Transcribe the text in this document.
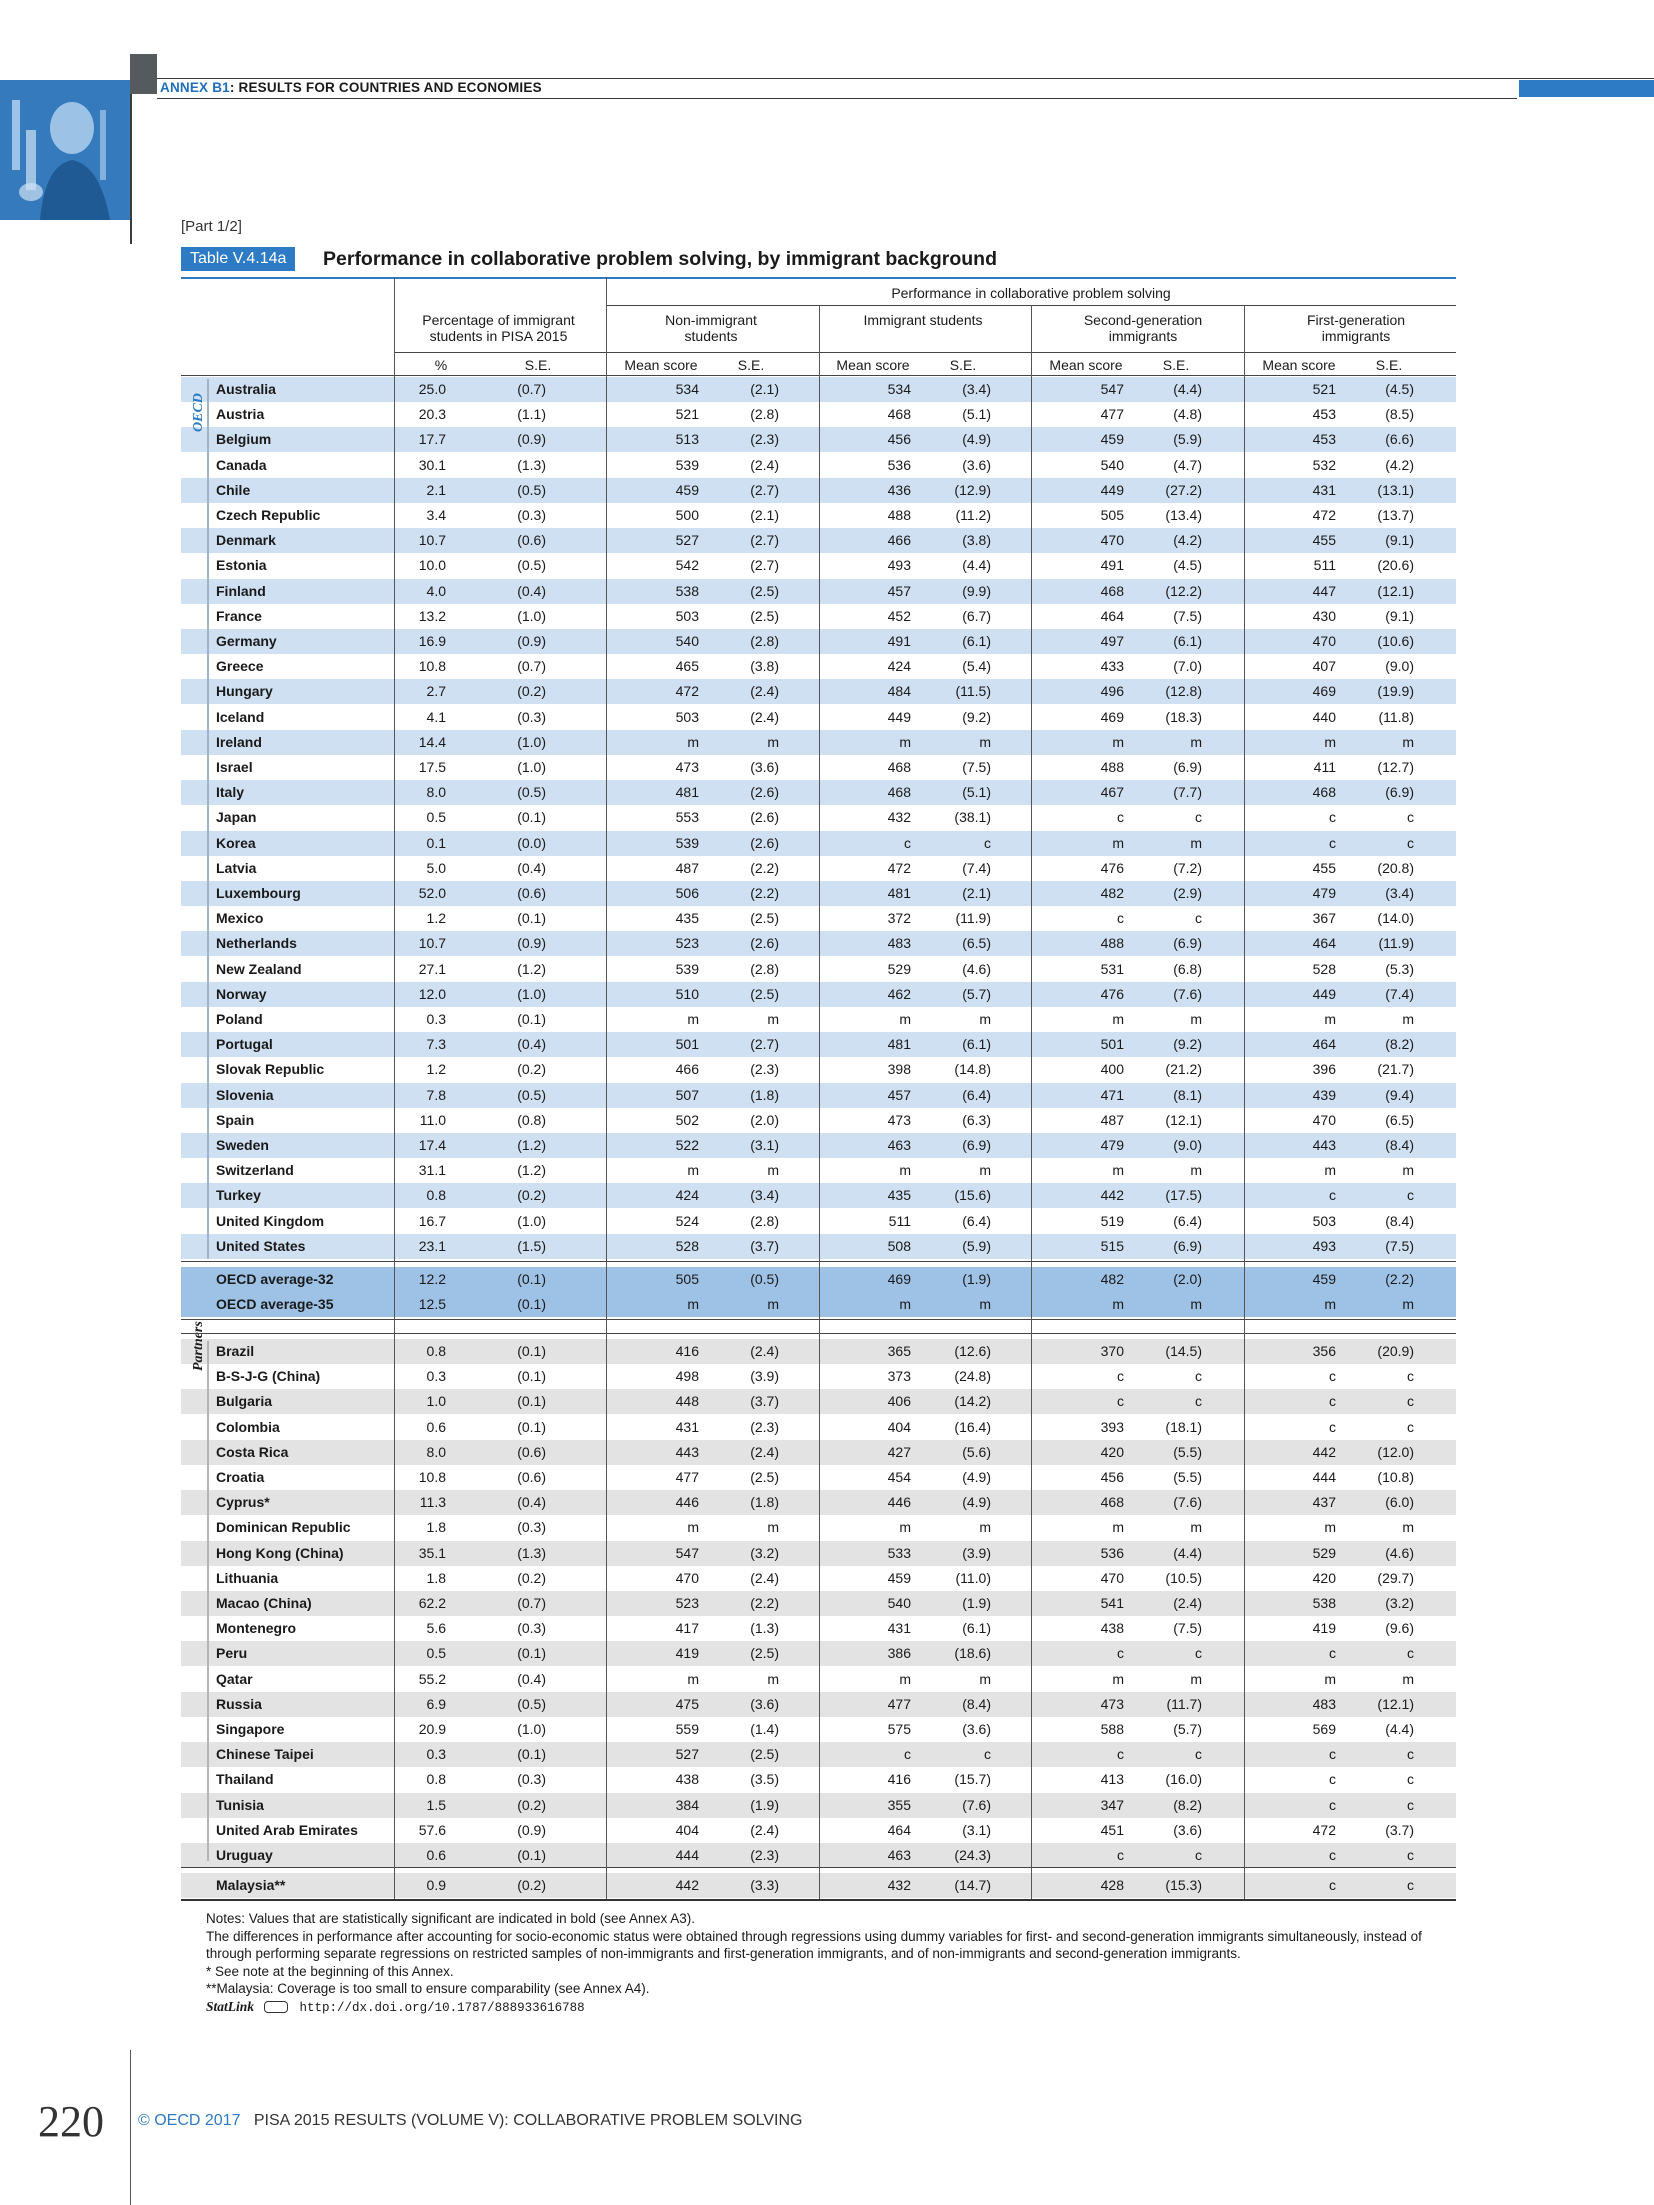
ANNEX B1: RESULTS FOR COUNTRIES AND ECONOMIES
[Part 1/2]
Table V.4.14a	Performance in collaborative problem solving, by immigrant background
Percentage of immigrant students in PISA 2015
Performance in collaborative problem solving
Non-immigrant students
Immigrant students	Second-generation immigrants
First-generation immigrants
%	S.E.	Mean score	S.E.	Mean score	S.E.	Mean score	S.E.	Mean score	S.E.
Australia	25.0	(0.7)	534	(2.1)	534	(3.4)	547	(4.4)	521	(4.5)
Austria	20.3	(1.1)	521	(2.8)	468	(5.1)	477	(4.8)	453	(8.5)
Belgium	17.7	(0.9)	513	(2.3)	456	(4.9)	459	(5.9)	453	(6.6)
Canada	30.1	(1.3)	539	(2.4)	536	(3.6)	540	(4.7)	532	(4.2)
Chile	2.1	(0.5)	459	(2.7)	436	(12.9)	449	(27.2)	431	(13.1)
Czech Republic	3.4	(0.3)	500	(2.1)	488	(11.2)	505	(13.4)	472	(13.7)
Denmark	10.7	(0.6)	527	(2.7)	466	(3.8)	470	(4.2)	455	(9.1)
Estonia	10.0	(0.5)	542	(2.7)	493	(4.4)	491	(4.5)	511	(20.6)
Finland	4.0	(0.4)	538	(2.5)	457	(9.9)	468	(12.2)	447	(12.1)
France	13.2	(1.0)	503	(2.5)	452	(6.7)	464	(7.5)	430	(9.1)
Germany	16.9	(0.9)	540	(2.8)	491	(6.1)	497	(6.1)	470	(10.6)
Greece	10.8	(0.7)	465	(3.8)	424	(5.4)	433	(7.0)	407	(9.0)
Hungary	2.7	(0.2)	472	(2.4)	484	(11.5)	496	(12.8)	469	(19.9)
Iceland	4.1	(0.3)	503	(2.4)	449	(9.2)	469	(18.3)	440	(11.8)
Ireland	14.4	(1.0)	m	m	m	m	m	m	m	m
Israel	17.5	(1.0)	473	(3.6)	468	(7.5)	488	(6.9)	411	(12.7)
Italy	8.0	(0.5)	481	(2.6)	468	(5.1)	467	(7.7)	468	(6.9)
Japan	0.5	(0.1)	553	(2.6)	432	(38.1)	c	c	c	c
Korea	0.1	(0.0)	539	(2.6)	c	c	m	m	c	c
Latvia	5.0	(0.4)	487	(2.2)	472	(7.4)	476	(7.2)	455	(20.8)
Luxembourg	52.0	(0.6)	506	(2.2)	481	(2.1)	482	(2.9)	479	(3.4)
Mexico	1.2	(0.1)	435	(2.5)	372	(11.9)	c	c	367	(14.0)
Netherlands	10.7	(0.9)	523	(2.6)	483	(6.5)	488	(6.9)	464	(11.9)
New Zealand	27.1	(1.2)	539	(2.8)	529	(4.6)	531	(6.8)	528	(5.3)
Norway	12.0	(1.0)	510	(2.5)	462	(5.7)	476	(7.6)	449	(7.4)
Poland	0.3	(0.1)	m	m	m	m	m	m	m	m
Portugal	7.3	(0.4)	501	(2.7)	481	(6.1)	501	(9.2)	464	(8.2)
Slovak Republic	1.2	(0.2)	466	(2.3)	398	(14.8)	400	(21.2)	396	(21.7)
Slovenia	7.8	(0.5)	507	(1.8)	457	(6.4)	471	(8.1)	439	(9.4)
Spain	11.0	(0.8)	502	(2.0)	473	(6.3)	487	(12.1)	470	(6.5)
Sweden	17.4	(1.2)	522	(3.1)	463	(6.9)	479	(9.0)	443	(8.4)
Switzerland	31.1	(1.2)	m	m	m	m	m	m	m	m
Turkey	0.8	(0.2)	424	(3.4)	435	(15.6)	442	(17.5)	c	c
United Kingdom	16.7	(1.0)	524	(2.8)	511	(6.4)	519	(6.4)	503	(8.4)
United States	23.1	(1.5)	528	(3.7)	508	(5.9)	515	(6.9)	493	(7.5)
OECD average-32	12.2	(0.1)	505	(0.5)	469	(1.9)	482	(2.0)	459	(2.2)
OECD average-35	12.5	(0.1)	m	m	m	m	m	m	m	m
Brazil	0.8	(0.1)	416	(2.4)	365	(12.6)	370	(14.5)	356	(20.9)
B-S-J-G (China)	0.3	(0.1)	498	(3.9)	373	(24.8)	c	c	c	c
Bulgaria	1.0	(0.1)	448	(3.7)	406	(14.2)	c	c	c	c
Colombia	0.6	(0.1)	431	(2.3)	404	(16.4)	393	(18.1)	c	c
Costa Rica	8.0	(0.6)	443	(2.4)	427	(5.6)	420	(5.5)	442	(12.0)
Croatia	10.8	(0.6)	477	(2.5)	454	(4.9)	456	(5.5)	444	(10.8)
Cyprus*	11.3	(0.4)	446	(1.8)	446	(4.9)	468	(7.6)	437	(6.0)
Dominican Republic	1.8	(0.3)	m	m	m	m	m	m	m	m
Hong Kong (China)	35.1	(1.3)	547	(3.2)	533	(3.9)	536	(4.4)	529	(4.6)
Lithuania	1.8	(0.2)	470	(2.4)	459	(11.0)	470	(10.5)	420	(29.7)
Macao (China)	62.2	(0.7)	523	(2.2)	540	(1.9)	541	(2.4)	538	(3.2)
Montenegro	5.6	(0.3)	417	(1.3)	431	(6.1)	438	(7.5)	419	(9.6)
Peru	0.5	(0.1)	419	(2.5)	386	(18.6)	c	c	c	c
Qatar	55.2	(0.4)	m	m	m	m	m	m	m	m
Russia	6.9	(0.5)	475	(3.6)	477	(8.4)	473	(11.7)	483	(12.1)
Singapore	20.9	(1.0)	559	(1.4)	575	(3.6)	588	(5.7)	569	(4.4)
Chinese Taipei	0.3	(0.1)	527	(2.5)	c	c	c	c	c	c
Thailand	0.8	(0.3)	438	(3.5)	416	(15.7)	413	(16.0)	c	c
Tunisia	1.5	(0.2)	384	(1.9)	355	(7.6)	347	(8.2)	c	c
United Arab Emirates	57.6	(0.9)	404	(2.4)	464	(3.1)	451	(3.6)	472	(3.7)
Uruguay	0.6	(0.1)	444	(2.3)	463	(24.3)	c	c	c	c
Malaysia**	0.9	(0.2)	442	(3.3)	432	(14.7)	428	(15.3)	c	c
OECD
Partners

Notes: Values that are statistically significant are indicated in bold (see Annex A3).

The differences in performance after accounting for socio-economic status were obtained through regressions using dummy variables for first- and second-generation immigrants simultaneously, instead of through performing separate regressions on restricted samples of non-immigrants and first-generation immigrants, and of non-immigrants and second-generation immigrants.

* See note at the beginning of this Annex.

**Malaysia: Coverage is too small to ensure comparability (see Annex A4).

StatLink	http://dx.doi.org/10.1787/888933616788

220 © OECD 2017 PISA 2015 RESULTS (VOLUME V): COLLABORATIVE PROBLEM SOLVING
